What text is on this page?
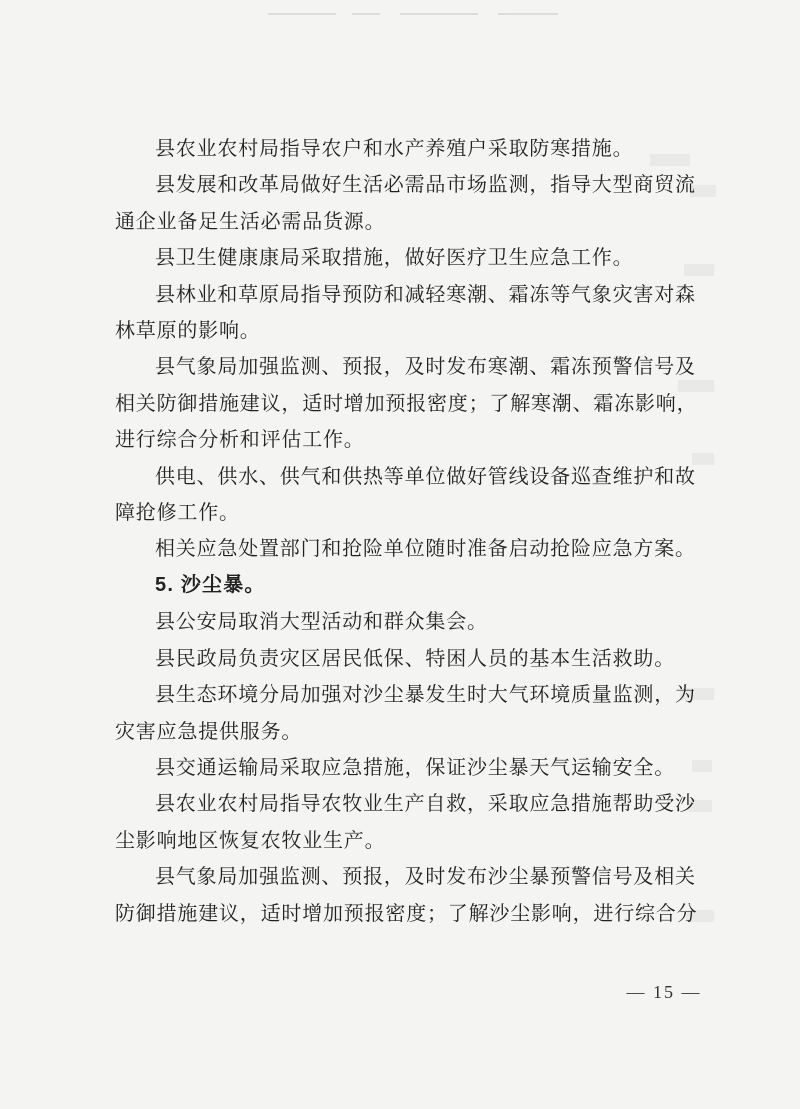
县农业农村局指导农户和水产养殖户采取防寒措施。

县发展和改革局做好生活必需品市场监测，指导大型商贸流

通企业备足生活必需品货源。

县卫生健康康局采取措施，做好医疗卫生应急工作。

县林业和草原局指导预防和减轻寒潮、霜冻等气象灾害对森

林草原的影响。

县气象局加强监测、预报，及时发布寒潮、霜冻预警信号及

相关防御措施建议，适时增加预报密度；了解寒潮、霜冻影响，

进行综合分析和评估工作。

供电、供水、供气和供热等单位做好管线设备巡查维护和故

障抢修工作。

相关应急处置部门和抢险单位随时准备启动抢险应急方案。

5. 沙尘暴。

县公安局取消大型活动和群众集会。

县民政局负责灾区居民低保、特困人员的基本生活救助。

县生态环境分局加强对沙尘暴发生时大气环境质量监测，为

灾害应急提供服务。

县交通运输局采取应急措施，保证沙尘暴天气运输安全。

县农业农村局指导农牧业生产自救，采取应急措施帮助受沙

尘影响地区恢复农牧业生产。

县气象局加强监测、预报，及时发布沙尘暴预警信号及相关

防御措施建议，适时增加预报密度；了解沙尘影响，进行综合分

— 15 —
